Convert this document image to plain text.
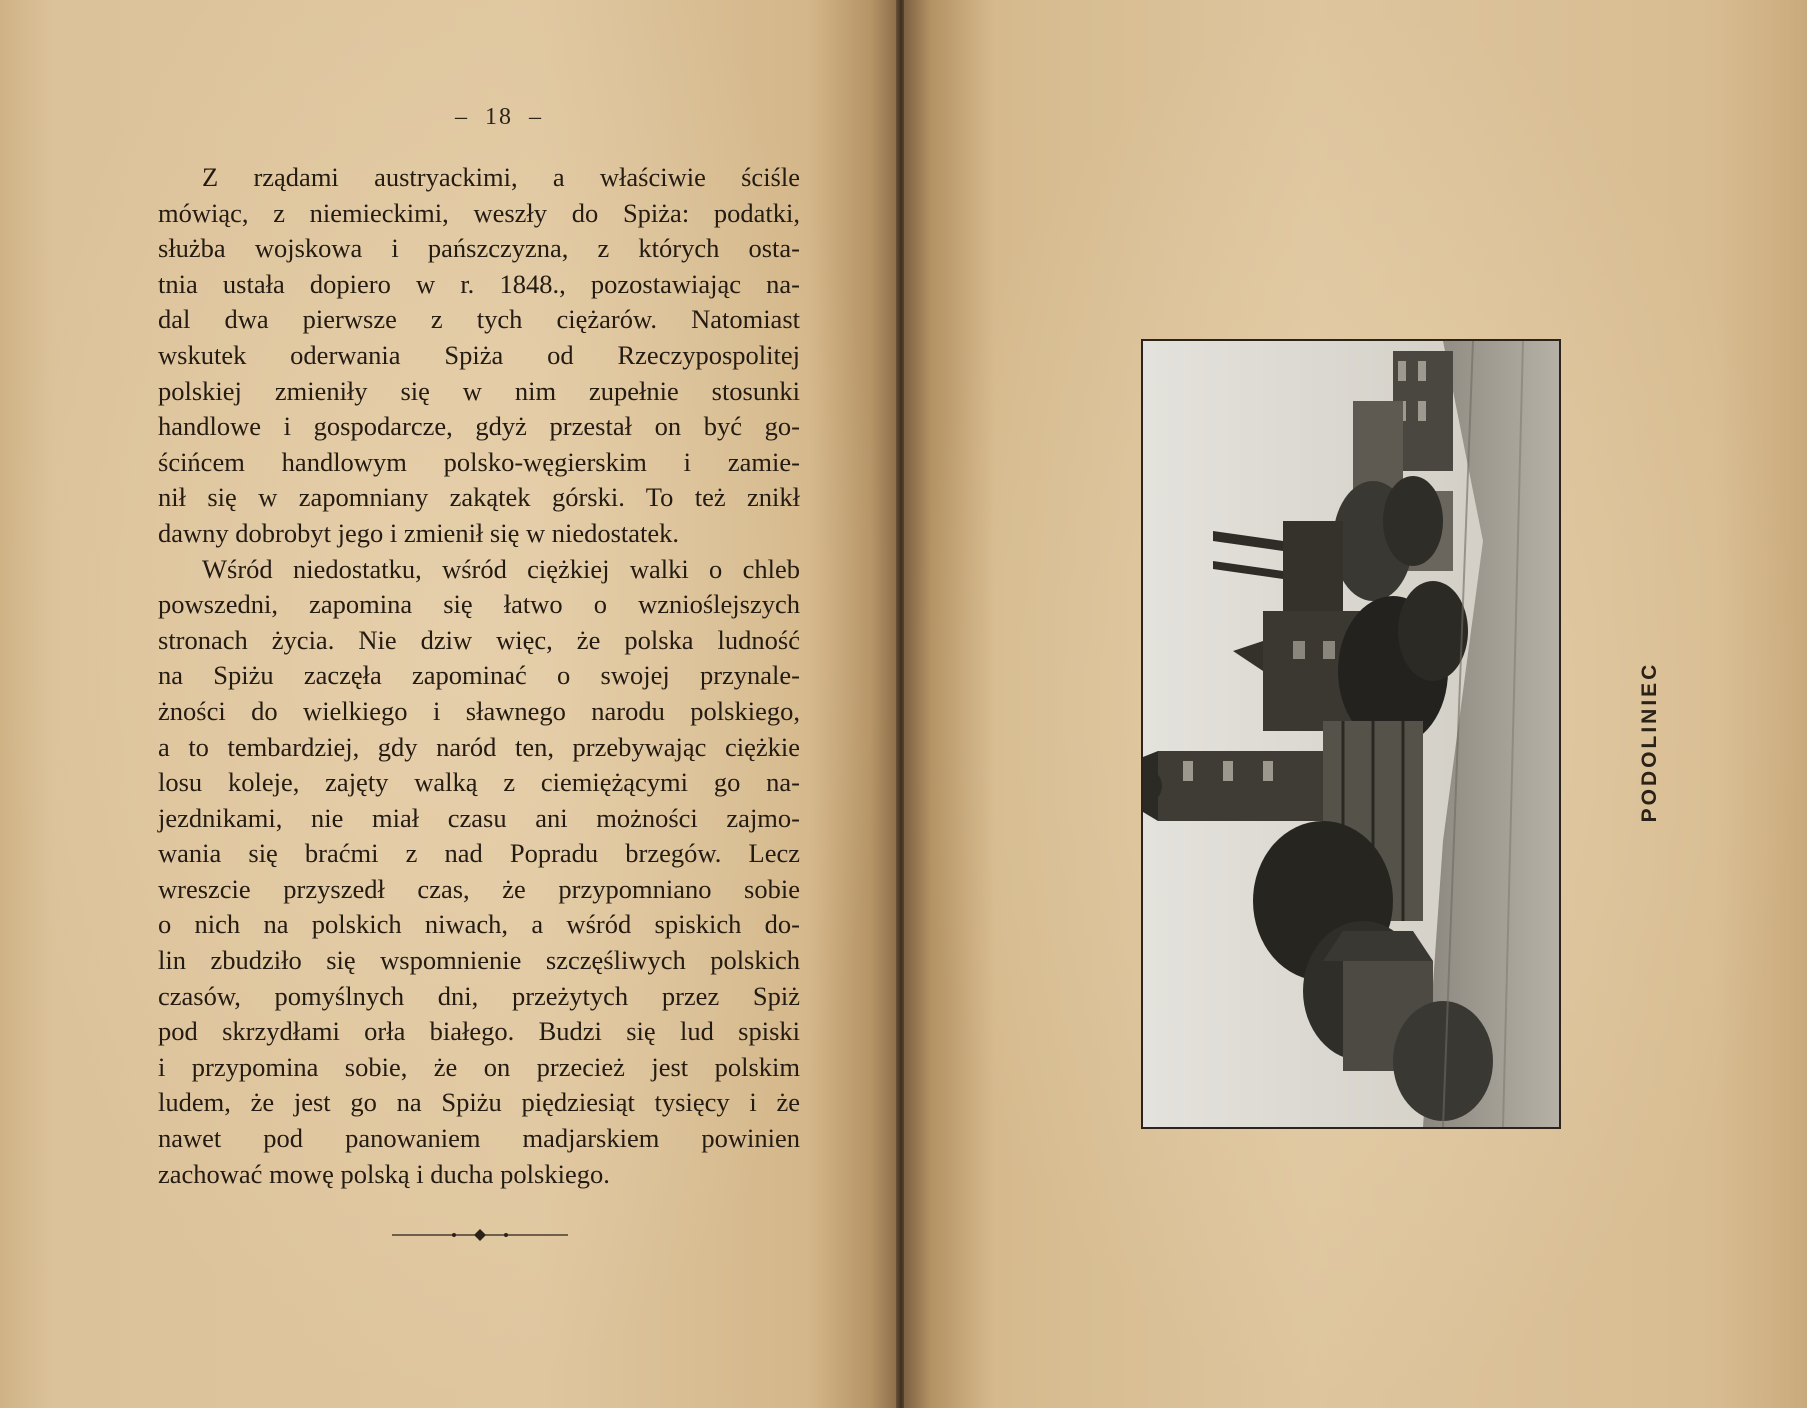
– 18 –
Z rządami austryackimi, a właściwie ściśle
mówiąc, z niemieckimi, weszły do Spiża: podatki,
służba wojskowa i pańszczyzna, z których osta-
tnia ustała dopiero w r. 1848., pozostawiając na-
dal dwa pierwsze z tych ciężarów. Natomiast
wskutek oderwania Spiża od Rzeczypospolitej
polskiej zmieniły się w nim zupełnie stosunki
handlowe i gospodarcze, gdyż przestał on być go-
ścińcem handlowym polsko-węgierskim i zamie-
nił się w zapomniany zakątek górski. To też znikł
dawny dobrobyt jego i zmienił się w niedostatek.
Wśród niedostatku, wśród ciężkiej walki o chleb
powszedni, zapomina się łatwo o wznioślejszych
stronach życia. Nie dziw więc, że polska ludność
na Spiżu zaczęła zapominać o swojej przynale-
żności do wielkiego i sławnego narodu polskiego,
a to tembardziej, gdy naród ten, przebywając ciężkie
losu koleje, zajęty walką z ciemiężącymi go na-
jezdnikami, nie miał czasu ani możności zajmo-
wania się braćmi z nad Popradu brzegów. Lecz
wreszcie przyszedł czas, że przypomniano sobie
o nich na polskich niwach, a wśród spiskich do-
lin zbudziło się wspomnienie szczęśliwych polskich
czasów, pomyślnych dni, przeżytych przez Spiż
pod skrzydłami orła białego. Budzi się lud spiski
i przypomina sobie, że on przecież jest polskim
ludem, że jest go na Spiżu piędziesiąt tysięcy i że
nawet pod panowaniem madjarskiem powinien
zachować mowę polską i ducha polskiego.
PODOLINIEC
